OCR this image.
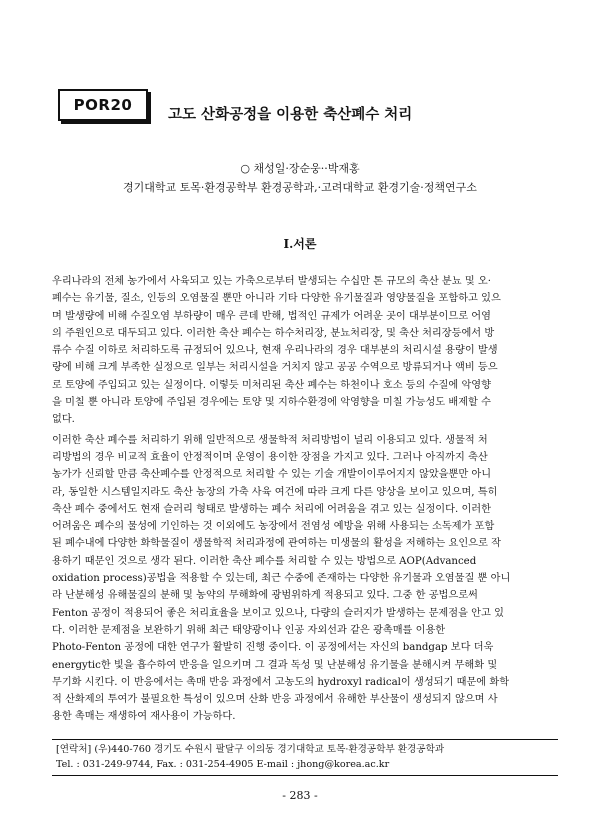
POR20
고도 산화공정을 이용한 축산폐수 처리
○ 채성일·장순웅··박재홍
경기대학교 토목·환경공학부 환경공학과,·고려대학교 환경기술·정책연구소
I.서론
우리나라의 전체 농가에서 사육되고 있는 가축으로부터 발생되는 수십만 톤 규모의 축산 분뇨 및 오·
폐수는 유기물, 질소, 인등의 오염물질 뿐만 아니라 기타 다양한 유기물질과 영양물질을 포함하고 있으
며 발생량에 비해 수질오염 부하량이 매우 큰데 반해, 법적인 규제가 어려운 곳이 대부분이므로 어염
의 주원인으로 대두되고 있다. 이러한 축산 폐수는 하수처리장, 분뇨처리장, 및 축산 처리장등에서 방
류수 수질 이하로 처리하도록 규정되어 있으나, 현재 우리나라의 경우 대부분의 처리시설 용량이 발생
량에 비해 크게 부족한 실정으로 일부는 처리시설을 거치지 않고 공공 수역으로 방류되거나 액비 등으
로 토양에 주입되고 있는 실정이다. 이렇듯 미처리된 축산 폐수는 하천이나 호소 등의 수질에 악영향
을 미칠 뿐 아니라 토양에 주입된 경우에는 토양 및 지하수환경에 악영향을 미칠 가능성도 배제할 수
없다.
이러한 축산 폐수를 처리하기 위해 일반적으로 생물학적 처리방법이 널리 이용되고 있다. 생물적 처
리방법의 경우 비교적 효율이 안정적이며 운영이 용이한 장점을 가지고 있다. 그러나 아직까지 축산
농가가 신뢰할 만큼 축산폐수를 안정적으로 처리할 수 있는 기술 개발이이루어지지 않았을뿐만 아니
라, 동일한 시스템일지라도 축산 농장의 가축 사육 여건에 따라 크게 다른 양상을 보이고 있으며, 특히
축산 폐수 중에서도 현재 슬러리 형태로 발생하는 폐수 처리에 어려움을 겪고 있는 실정이다. 이러한
어려움은 폐수의 물성에 기인하는 것 이외에도 농장에서 전염성 예방을 위해 사용되는 소독제가 포함
된 폐수내에 다양한 화학물질이 생물학적 처리과정에 관여하는 미생물의 활성을 저해하는 요인으로 작
용하기 때문인 것으로 생각 된다. 이러한 축산 폐수를 처리할 수 있는 방법으로 AOP(Advanced
oxidation process)공법을 적용할 수 있는데, 최근 수중에 존재하는 다양한 유기물과 오염물질 뿐 아니
라 난분해성 유해물질의 분해 및 농약의 무해화에 광범위하게 적용되고 있다. 그중 한 공법으로써
Fenton 공정이 적용되어 좋은 처리효율을 보이고 있으나, 다량의 슬러지가 발생하는 문제점을 안고 있
다. 이러한 문제점을 보완하기 위해 최근 태양광이나 인공 자외선과 같은 광촉매를 이용한
Photo-Fenton 공정에 대한 연구가 활발히 진행 중이다. 이 공정에서는 자신의 bandgap 보다 더욱
energytic한 빛을 흡수하여 반응을 일으키며 그 결과 독성 및 난분해성 유기물을 분해시켜 무해화 및
무기화 시킨다. 이 반응에서는 촉매 반응 과정에서 고농도의 hydroxyl radical이 생성되기 때문에 화학
적 산화제의 투여가 불필요한 특성이 있으며 산화 반응 과정에서 유해한 부산물이 생성되지 않으며 사
용한 촉매는 재생하여 재사용이 가능하다.
[연락처] (우)440-760 경기도 수원시 팔달구 이의동 경기대학교 토목·환경공학부 환경공학과
Tel. : 031-249-9744, Fax. : 031-254-4905 E-mail : jhong@korea.ac.kr
- 283 -
